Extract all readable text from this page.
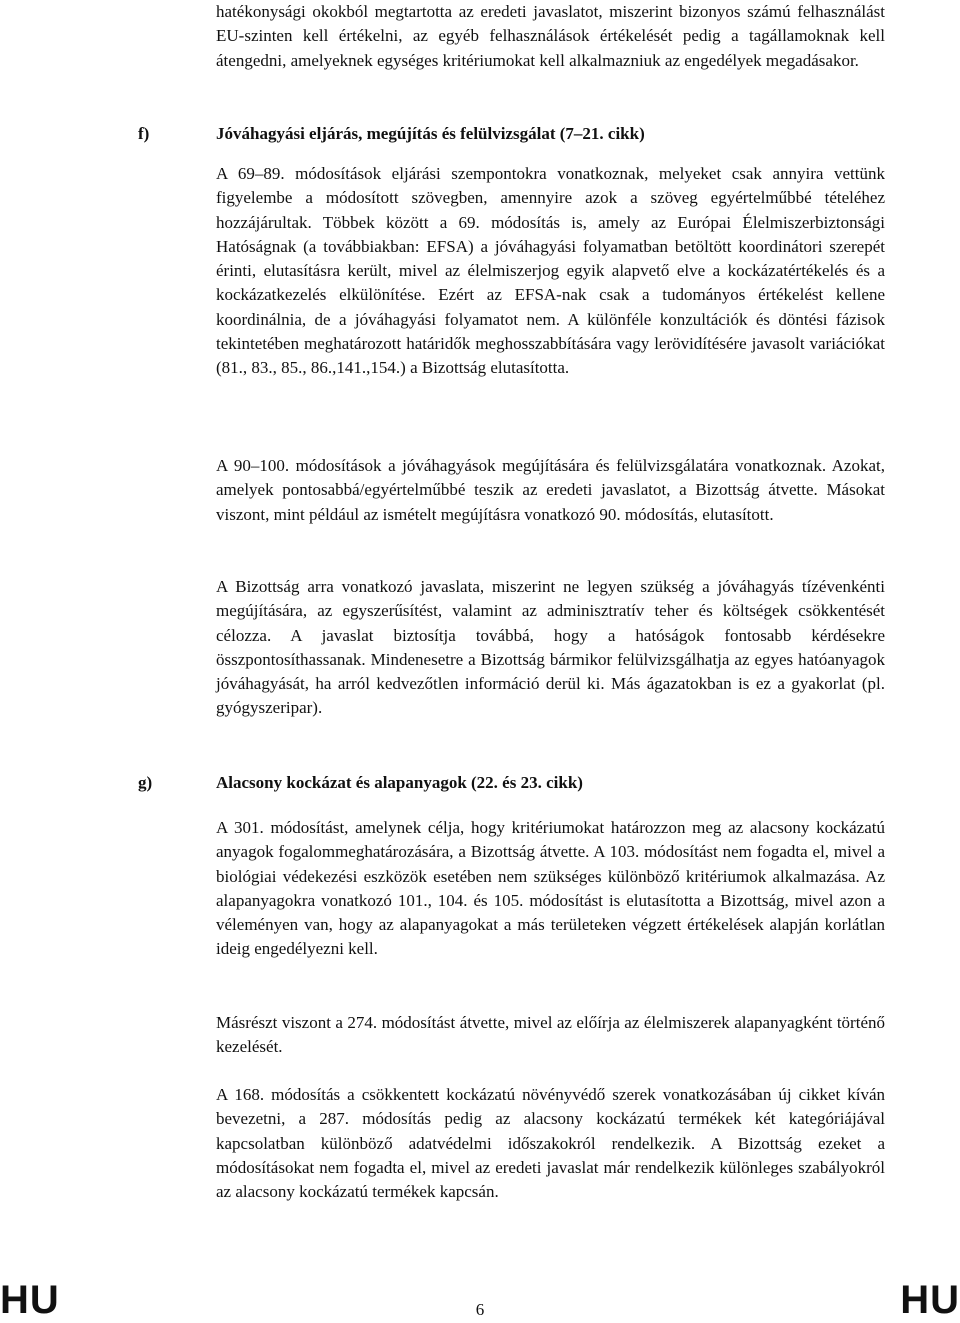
hatékonysági okokból megtartotta az eredeti javaslatot, miszerint bizonyos számú felhasználást EU-szinten kell értékelni, az egyéb felhasználások értékelését pedig a tagállamoknak kell átengedni, amelyeknek egységes kritériumokat kell alkalmazniuk az engedélyek megadásakor.

f)	Jóváhagyási eljárás, megújítás és felülvizsgálat (7‒21. cikk)

A 69‒89. módosítások eljárási szempontokra vonatkoznak, melyeket csak annyira vettünk figyelembe a módosított szövegben, amennyire azok a szöveg egyértelműbbé tételéhez hozzájárultak. Többek között a 69. módosítás is, amely az Európai Élelmiszerbiztonsági Hatóságnak (a továbbiakban: EFSA) a jóváhagyási folyamatban betöltött koordinátori szerepét érinti, elutasításra került, mivel az élelmiszerjog egyik alapvető elve a kockázatértékelés és a kockázatkezelés elkülönítése. Ezért az EFSA-nak csak a tudományos értékelést kellene koordinálnia, de a jóváhagyási folyamatot nem. A különféle konzultációk és döntési fázisok tekintetében meghatározott határidők meghosszabbítására vagy lerövidítésére javasolt variációkat (81., 83., 85., 86.,141.,154.) a Bizottság elutasította.

A 90‒100. módosítások a jóváhagyások megújítására és felülvizsgálatára vonatkoznak. Azokat, amelyek pontosabbá/egyértelműbbé teszik az eredeti javaslatot, a Bizottság átvette. Másokat viszont, mint például az ismételt megújításra vonatkozó 90. módosítás, elutasított.

A Bizottság arra vonatkozó javaslata, miszerint ne legyen szükség a jóváhagyás tízévenkénti megújítására, az egyszerűsítést, valamint az adminisztratív teher és költségek csökkentését célozza. A javaslat biztosítja továbbá, hogy a hatóságok fontosabb kérdésekre összpontosíthassanak. Mindenesetre a Bizottság bármikor felülvizsgálhatja az egyes hatóanyagok jóváhagyását, ha arról kedvezőtlen információ derül ki. Más ágazatokban is ez a gyakorlat (pl. gyógyszeripar).

g)	Alacsony kockázat és alapanyagok (22. és 23. cikk)

A 301. módosítást, amelynek célja, hogy kritériumokat határozzon meg az alacsony kockázatú anyagok fogalommeghatározására, a Bizottság átvette. A 103. módosítást nem fogadta el, mivel a biológiai védekezési eszközök esetében nem szükséges különböző kritériumok alkalmazása. Az alapanyagokra vonatkozó 101., 104. és 105. módosítást is elutasította a Bizottság, mivel azon a véleményen van, hogy az alapanyagokat a más területeken végzett értékelések alapján korlátlan ideig engedélyezni kell.

Másrészt viszont a 274. módosítást átvette, mivel az előírja az élelmiszerek alapanyagként történő kezelését.

A 168. módosítás a csökkentett kockázatú növényvédő szerek vonatkozásában új cikket kíván bevezetni, a 287. módosítás pedig az alacsony kockázatú termékek két kategóriájával kapcsolatban különböző adatvédelmi időszakokról rendelkezik. A Bizottság ezeket a módosításokat nem fogadta el, mivel az eredeti javaslat már rendelkezik különleges szabályokról az alacsony kockázatú termékek kapcsán.

HU	6	HU
